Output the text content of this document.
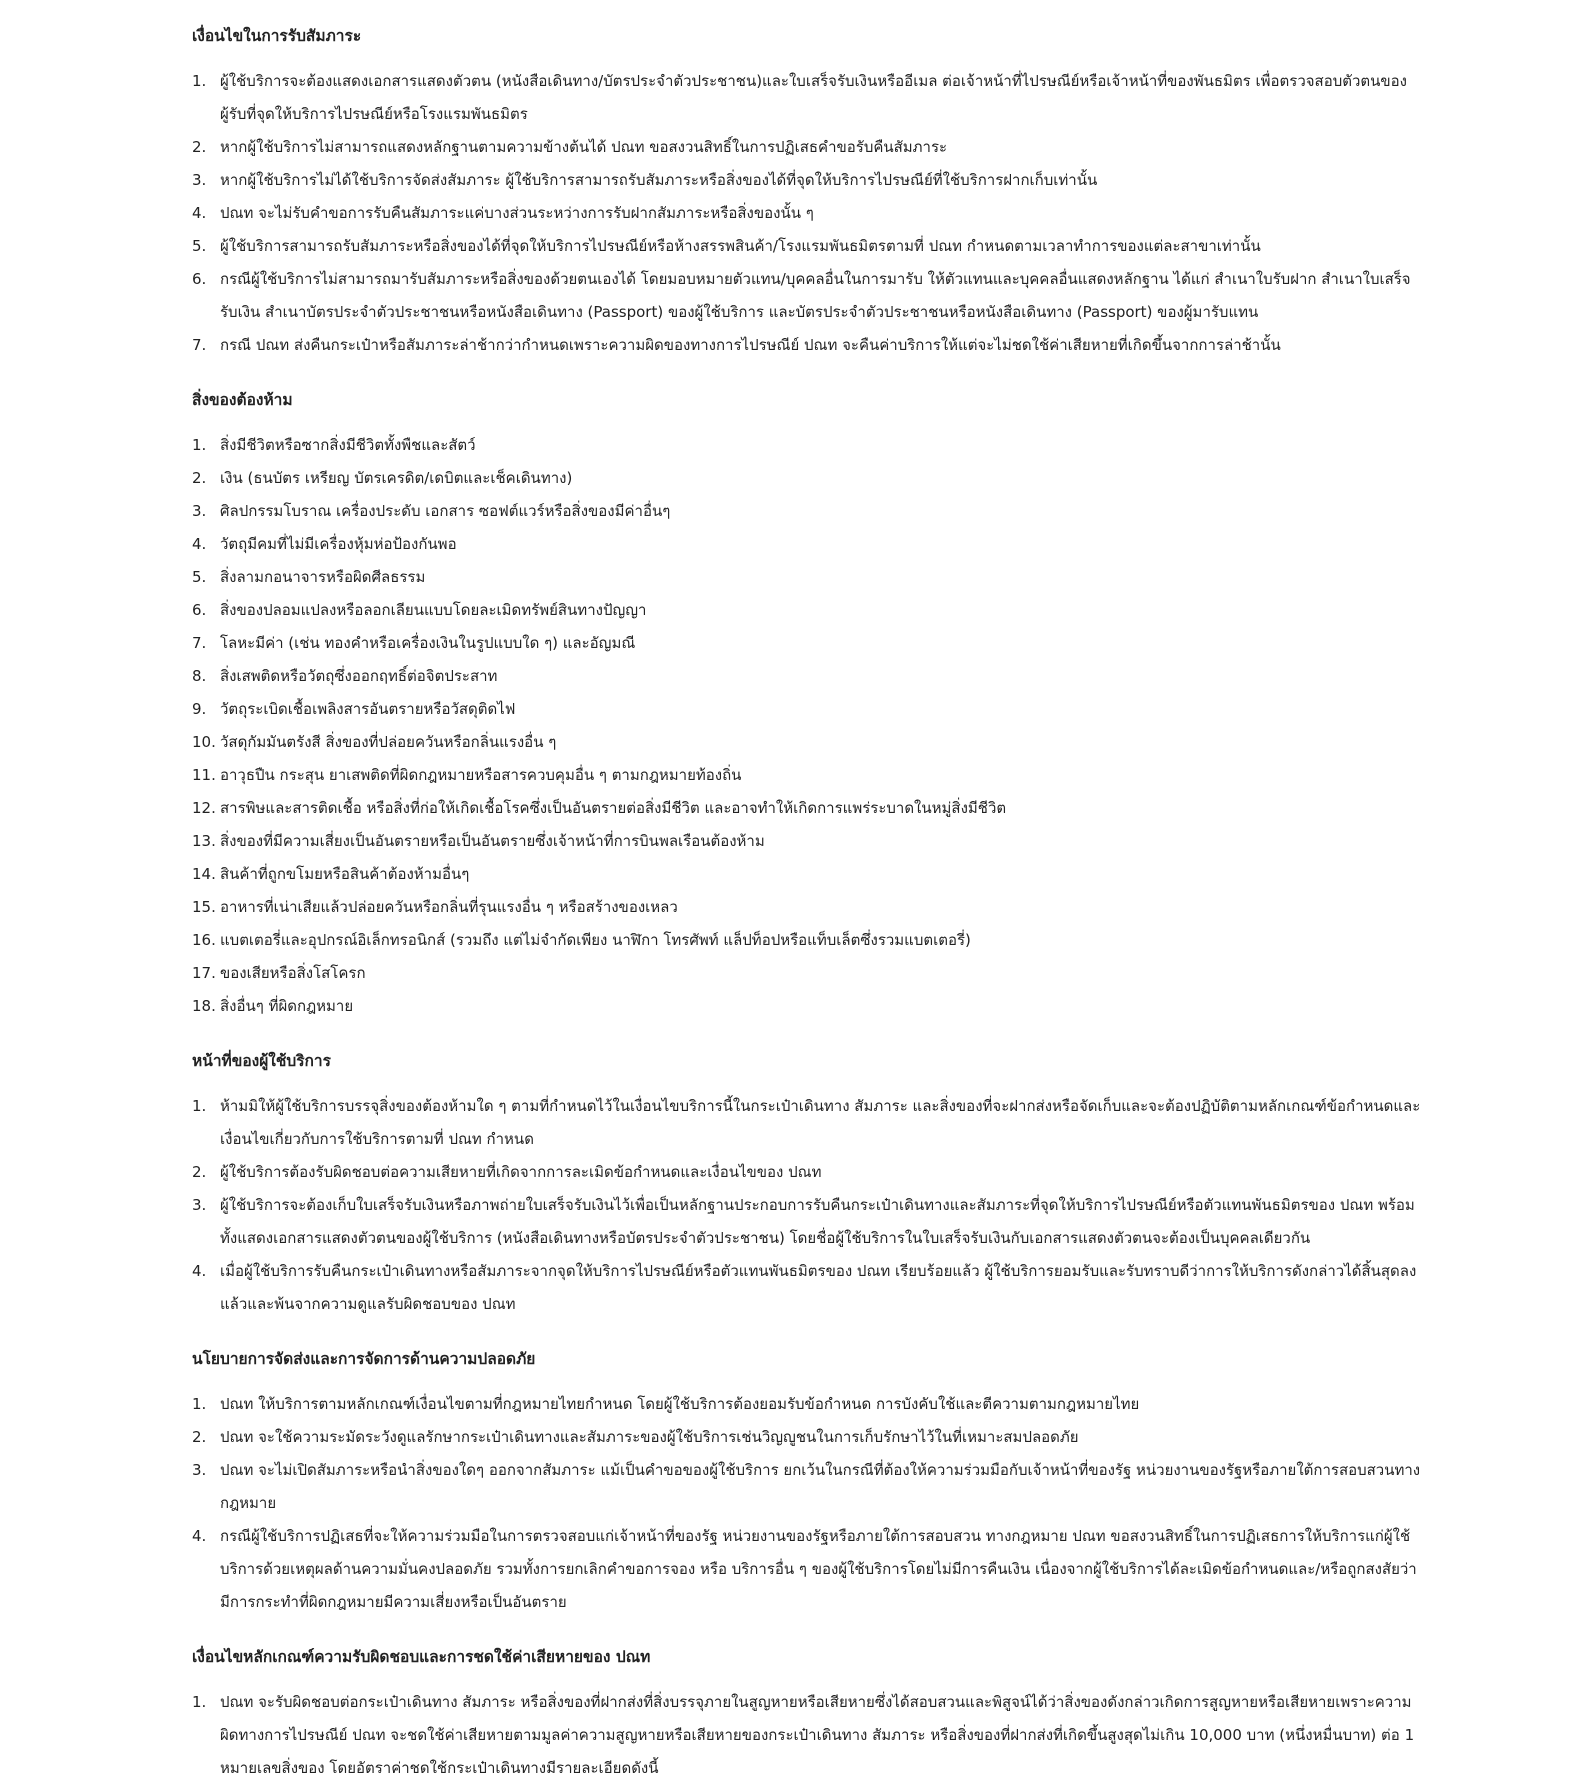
เงื่อนไขในการรับสัมภาระ
1. ผู้ใช้บริการจะต้องแสดงเอกสารแสดงตัวตน (หนังสือเดินทาง/บัตรประจำตัวประชาชน)และใบเสร็จรับเงินหรืออีเมล ต่อเจ้าหน้าที่ไปรษณีย์หรือเจ้าหน้าที่ของพันธมิตร เพื่อตรวจสอบตัวตนของผู้รับที่จุดให้บริการไปรษณีย์หรือโรงแรมพันธมิตร
2. หากผู้ใช้บริการไม่สามารถแสดงหลักฐานตามความข้างต้นได้ ปณท ขอสงวนสิทธิ์ในการปฏิเสธคำขอรับคืนสัมภาระ
3. หากผู้ใช้บริการไม่ได้ใช้บริการจัดส่งสัมภาระ ผู้ใช้บริการสามารถรับสัมภาระหรือสิ่งของได้ที่จุดให้บริการไปรษณีย์ที่ใช้บริการฝากเก็บเท่านั้น
4. ปณท จะไม่รับคำขอการรับคืนสัมภาระแค่บางส่วนระหว่างการรับฝากสัมภาระหรือสิ่งของนั้น ๆ
5. ผู้ใช้บริการสามารถรับสัมภาระหรือสิ่งของได้ที่จุดให้บริการไปรษณีย์หรือห้างสรรพสินค้า/โรงแรมพันธมิตรตามที่ ปณท กำหนดตามเวลาทำการของแต่ละสาขาเท่านั้น
6. กรณีผู้ใช้บริการไม่สามารถมารับสัมภาระหรือสิ่งของด้วยตนเองได้ โดยมอบหมายตัวแทน/บุคคลอื่นในการมารับ ให้ตัวแทนและบุคคลอื่นแสดงหลักฐาน ได้แก่ สำเนาใบรับฝาก สำเนาใบเสร็จรับเงิน สำเนาบัตรประจำตัวประชาชนหรือหนังสือเดินทาง (Passport) ของผู้ใช้บริการ และบัตรประจำตัวประชาชนหรือหนังสือเดินทาง (Passport) ของผู้มารับแทน
7. กรณี ปณท ส่งคืนกระเป๋าหรือสัมภาระล่าช้ากว่ากำหนดเพราะความผิดของทางการไปรษณีย์ ปณท จะคืนค่าบริการให้แต่จะไม่ชดใช้ค่าเสียหายที่เกิดขึ้นจากการล่าช้านั้น
สิ่งของต้องห้าม
1. สิ่งมีชีวิตหรือซากสิ่งมีชีวิตทั้งพืชและสัตว์
2. เงิน (ธนบัตร เหรียญ บัตรเครดิต/เดบิตและเช็คเดินทาง)
3. ศิลปกรรมโบราณ เครื่องประดับ เอกสาร ซอฟต์แวร์หรือสิ่งของมีค่าอื่นๆ
4. วัตถุมีคมที่ไม่มีเครื่องหุ้มห่อป้องกันพอ
5. สิ่งลามกอนาจารหรือผิดศีลธรรม
6. สิ่งของปลอมแปลงหรือลอกเลียนแบบโดยละเมิดทรัพย์สินทางปัญญา
7. โลหะมีค่า (เช่น ทองคำหรือเครื่องเงินในรูปแบบใด ๆ) และอัญมณี
8. สิ่งเสพติดหรือวัตถุซึ่งออกฤทธิ์ต่อจิตประสาท
9. วัตถุระเบิดเชื้อเพลิงสารอันตรายหรือวัสดุติดไฟ
10. วัสดุกัมมันตรังสี สิ่งของที่ปล่อยควันหรือกลิ่นแรงอื่น ๆ
11. อาวุธปืน กระสุน ยาเสพติดที่ผิดกฎหมายหรือสารควบคุมอื่น ๆ ตามกฎหมายท้องถิ่น
12. สารพิษและสารติดเชื้อ หรือสิ่งที่ก่อให้เกิดเชื้อโรคซึ่งเป็นอันตรายต่อสิ่งมีชีวิต และอาจทำให้เกิดการแพร่ระบาดในหมู่สิ่งมีชีวิต
13. สิ่งของที่มีความเสี่ยงเป็นอันตรายหรือเป็นอันตรายซึ่งเจ้าหน้าที่การบินพลเรือนต้องห้าม
14. สินค้าที่ถูกขโมยหรือสินค้าต้องห้ามอื่นๆ
15. อาหารที่เน่าเสียแล้วปล่อยควันหรือกลิ่นที่รุนแรงอื่น ๆ หรือสร้างของเหลว
16. แบตเตอรี่และอุปกรณ์อิเล็กทรอนิกส์ (รวมถึง แต่ไม่จำกัดเพียง นาฬิกา โทรศัพท์ แล็ปท็อปหรือแท็บเล็ตซึ่งรวมแบตเตอรี่)
17. ของเสียหรือสิ่งโสโครก
18. สิ่งอื่นๆ ที่ผิดกฎหมาย
หน้าที่ของผู้ใช้บริการ
1. ห้ามมิให้ผู้ใช้บริการบรรจุสิ่งของต้องห้ามใด ๆ ตามที่กำหนดไว้ในเงื่อนไขบริการนี้ในกระเป๋าเดินทาง สัมภาระ และสิ่งของที่จะฝากส่งหรือจัดเก็บและจะต้องปฏิบัติตามหลักเกณฑ์ข้อกำหนดและเงื่อนไขเกี่ยวกับการใช้บริการตามที่ ปณท กำหนด
2. ผู้ใช้บริการต้องรับผิดชอบต่อความเสียหายที่เกิดจากการละเมิดข้อกำหนดและเงื่อนไขของ ปณท
3. ผู้ใช้บริการจะต้องเก็บใบเสร็จรับเงินหรือภาพถ่ายใบเสร็จรับเงินไว้เพื่อเป็นหลักฐานประกอบการรับคืนกระเป๋าเดินทางและสัมภาระที่จุดให้บริการไปรษณีย์หรือตัวแทนพันธมิตรของ ปณท พร้อมทั้งแสดงเอกสารแสดงตัวตนของผู้ใช้บริการ (หนังสือเดินทางหรือบัตรประจำตัวประชาชน) โดยชื่อผู้ใช้บริการในใบเสร็จรับเงินกับเอกสารแสดงตัวตนจะต้องเป็นบุคคลเดียวกัน
4. เมื่อผู้ใช้บริการรับคืนกระเป๋าเดินทางหรือสัมภาระจากจุดให้บริการไปรษณีย์หรือตัวแทนพันธมิตรของ ปณท เรียบร้อยแล้ว ผู้ใช้บริการยอมรับและรับทราบดีว่าการให้บริการดังกล่าวได้สิ้นสุดลงแล้วและพ้นจากความดูแลรับผิดชอบของ ปณท
นโยบายการจัดส่งและการจัดการด้านความปลอดภัย
1. ปณท ให้บริการตามหลักเกณฑ์เงื่อนไขตามที่กฎหมายไทยกำหนด โดยผู้ใช้บริการต้องยอมรับข้อกำหนด การบังคับใช้และตีความตามกฎหมายไทย
2. ปณท จะใช้ความระมัดระวังดูแลรักษากระเป๋าเดินทางและสัมภาระของผู้ใช้บริการเช่นวิญญูชนในการเก็บรักษาไว้ในที่เหมาะสมปลอดภัย
3. ปณท จะไม่เปิดสัมภาระหรือนำสิ่งของใดๆ ออกจากสัมภาระ แม้เป็นคำขอของผู้ใช้บริการ ยกเว้นในกรณีที่ต้องให้ความร่วมมือกับเจ้าหน้าที่ของรัฐ หน่วยงานของรัฐหรือภายใต้การสอบสวนทางกฎหมาย
4. กรณีผู้ใช้บริการปฏิเสธที่จะให้ความร่วมมือในการตรวจสอบแก่เจ้าหน้าที่ของรัฐ หน่วยงานของรัฐหรือภายใต้การสอบสวน ทางกฎหมาย ปณท ขอสงวนสิทธิ์ในการปฏิเสธการให้บริการแก่ผู้ใช้บริการด้วยเหตุผลด้านความมั่นคงปลอดภัย รวมทั้งการยกเลิกคำขอการจอง หรือ บริการอื่น ๆ ของผู้ใช้บริการโดยไม่มีการคืนเงิน เนื่องจากผู้ใช้บริการได้ละเมิดข้อกำหนดและ/หรือถูกสงสัยว่ามีการกระทำที่ผิดกฎหมายมีความเสี่ยงหรือเป็นอันตราย
เงื่อนไขหลักเกณฑ์ความรับผิดชอบและการชดใช้ค่าเสียหายของ ปณท
1. ปณท จะรับผิดชอบต่อกระเป๋าเดินทาง สัมภาระ หรือสิ่งของที่ฝากส่งที่สิ่งบรรจุภายในสูญหายหรือเสียหายซึ่งได้สอบสวนและพิสูจน์ได้ว่าสิ่งของดังกล่าวเกิดการสูญหายหรือเสียหายเพราะความผิดทางการไปรษณีย์ ปณท จะชดใช้ค่าเสียหายตามมูลค่าความสูญหายหรือเสียหายของกระเป๋าเดินทาง สัมภาระ หรือสิ่งของที่ฝากส่งที่เกิดขึ้นสูงสุดไม่เกิน 10,000 บาท (หนึ่งหมื่นบาท) ต่อ 1 หมายเลขสิ่งของ โดยอัตราค่าชดใช้กระเป๋าเดินทางมีรายละเอียดดังนี้
